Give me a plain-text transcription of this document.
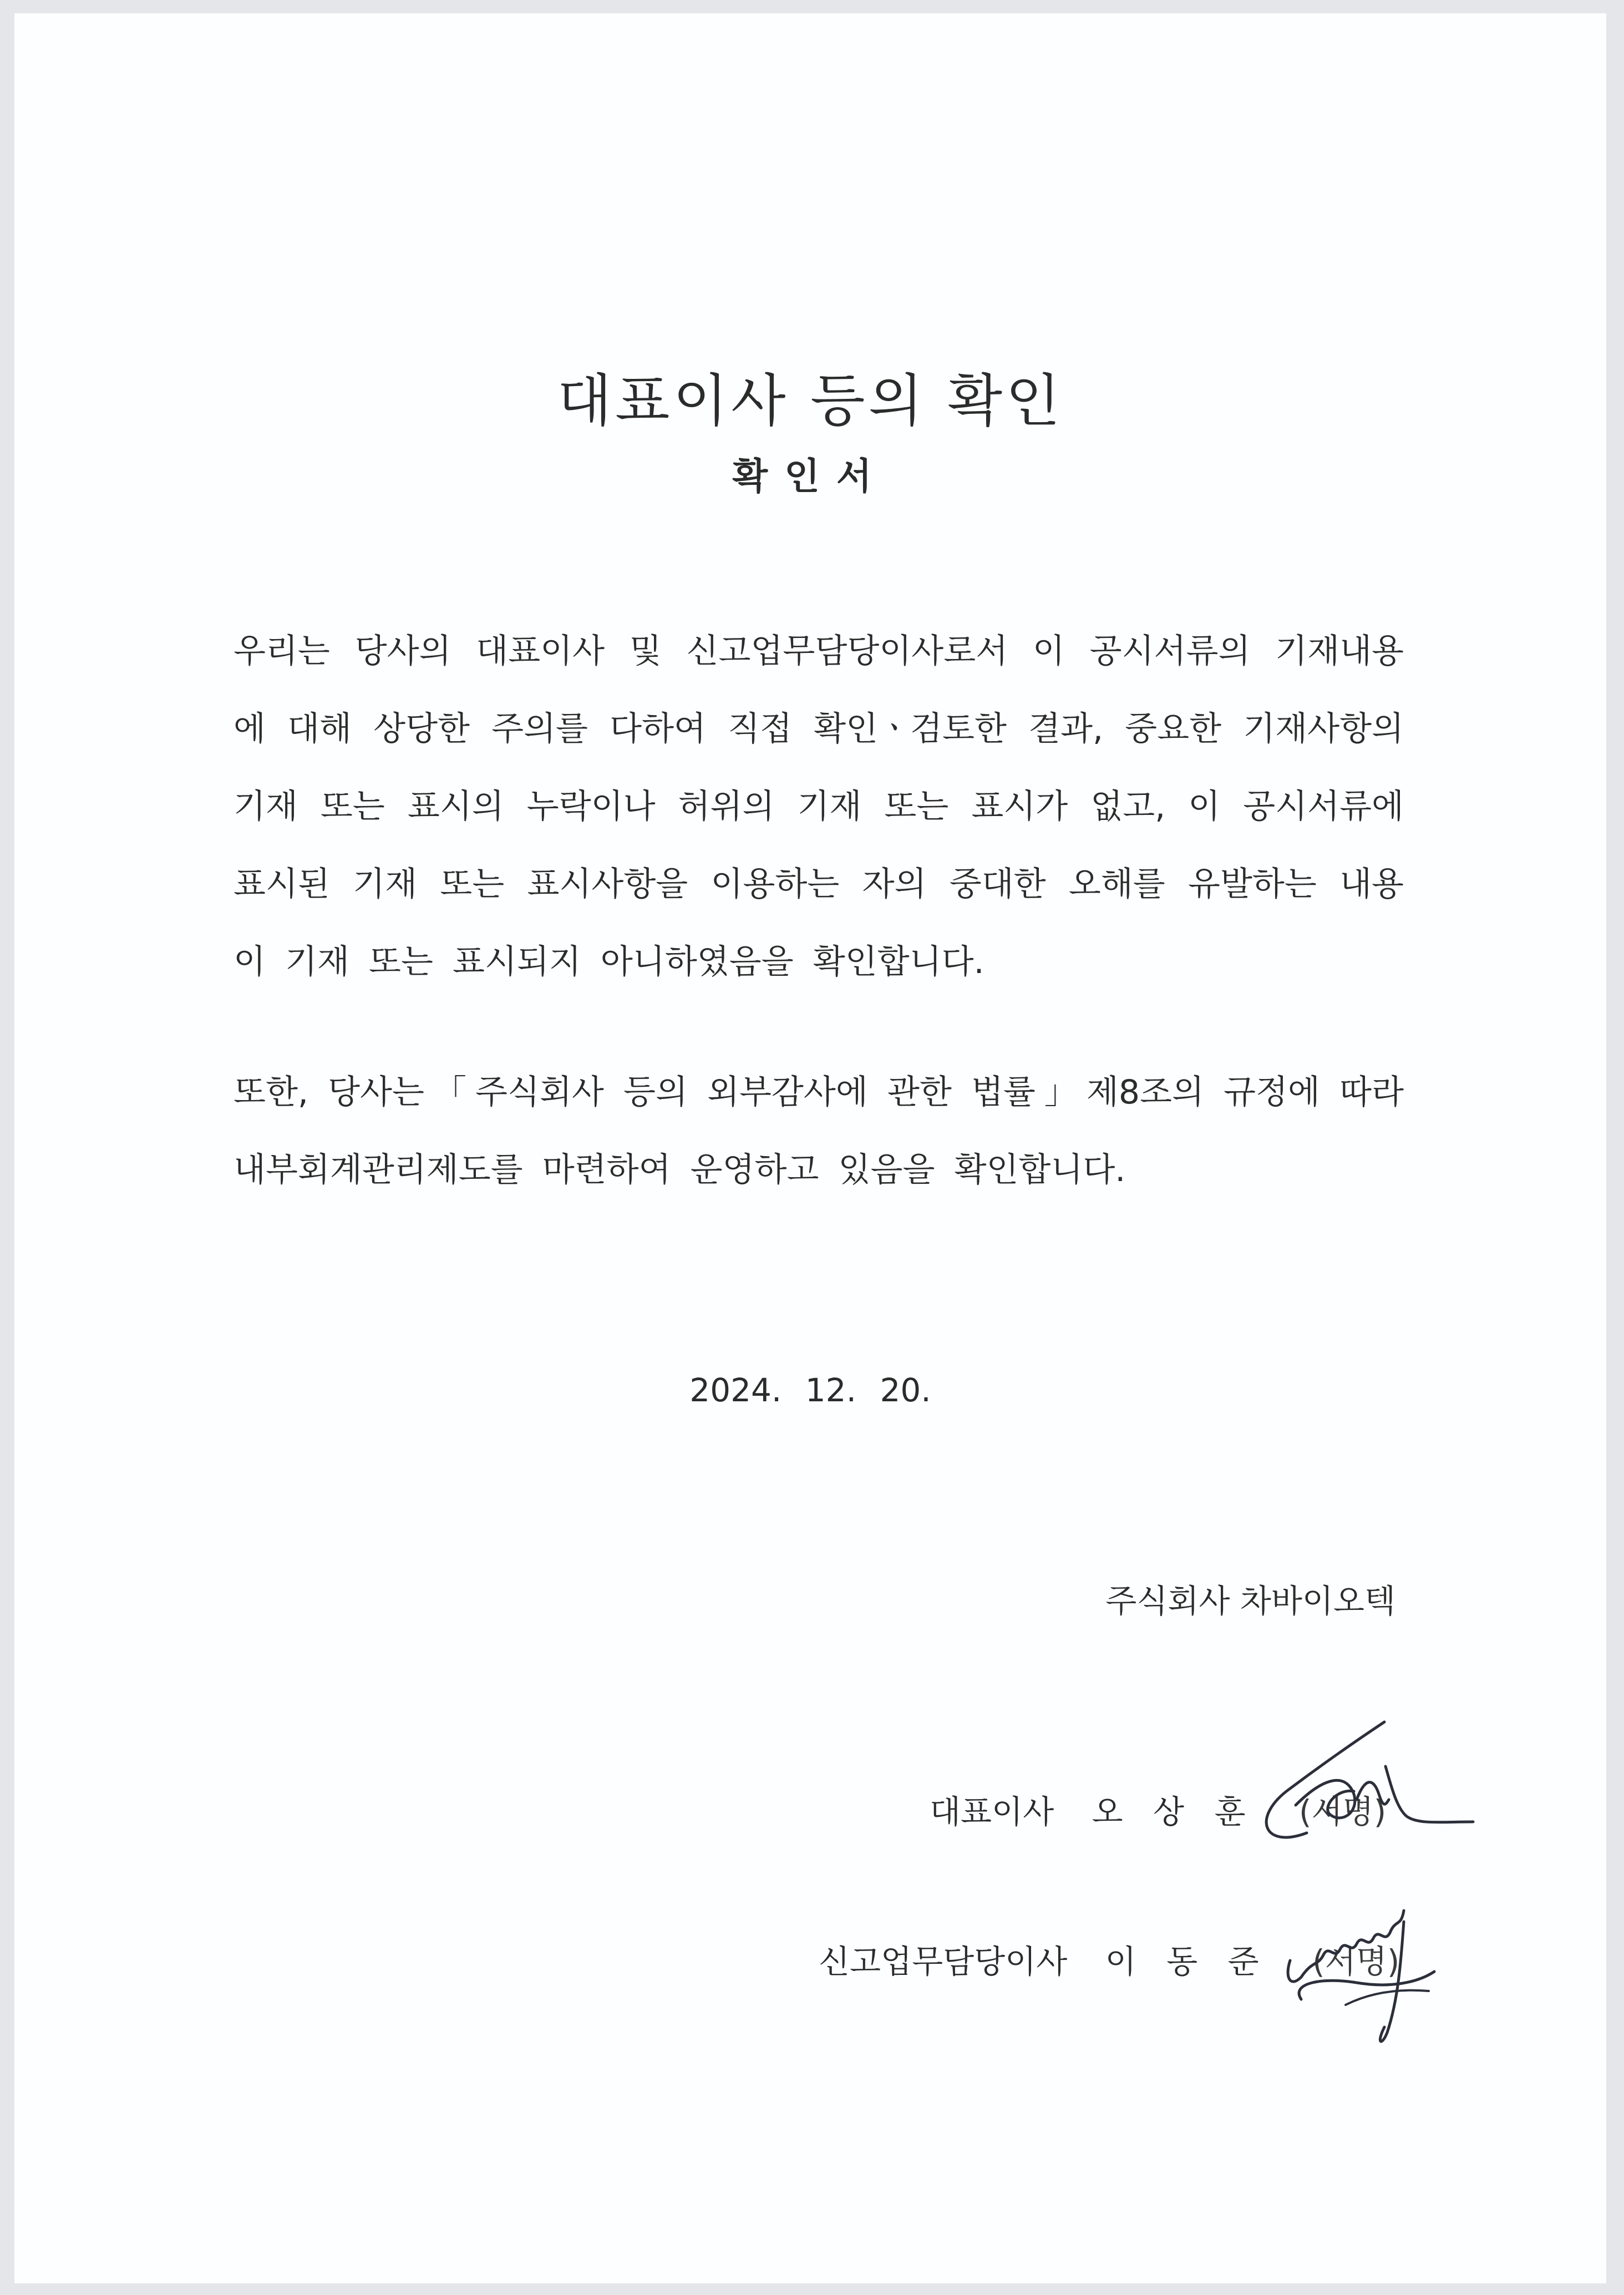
대표이사 등의 확인
확인서
우리는 당사의 대표이사 및 신고업무담당이사로서 이 공시서류의 기재내용
에 대해 상당한 주의를 다하여 직접 확인ㆍ검토한 결과, 중요한 기재사항의
기재 또는 표시의 누락이나 허위의 기재 또는 표시가 없고, 이 공시서류에
표시된 기재 또는 표시사항을 이용하는 자의 중대한 오해를 유발하는 내용
이 기재 또는 표시되지 아니하였음을 확인합니다.
또한, 당사는「주식회사 등의 외부감사에 관한 법률」제8조의 규정에 따라
내부회계관리제도를 마련하여 운영하고 있음을 확인합니다.
2024. 12. 20.
주식회사 차바이오텍
대표이사 오 상 훈 (서명)
신고업무담당이사 이 동 준 (서명)
